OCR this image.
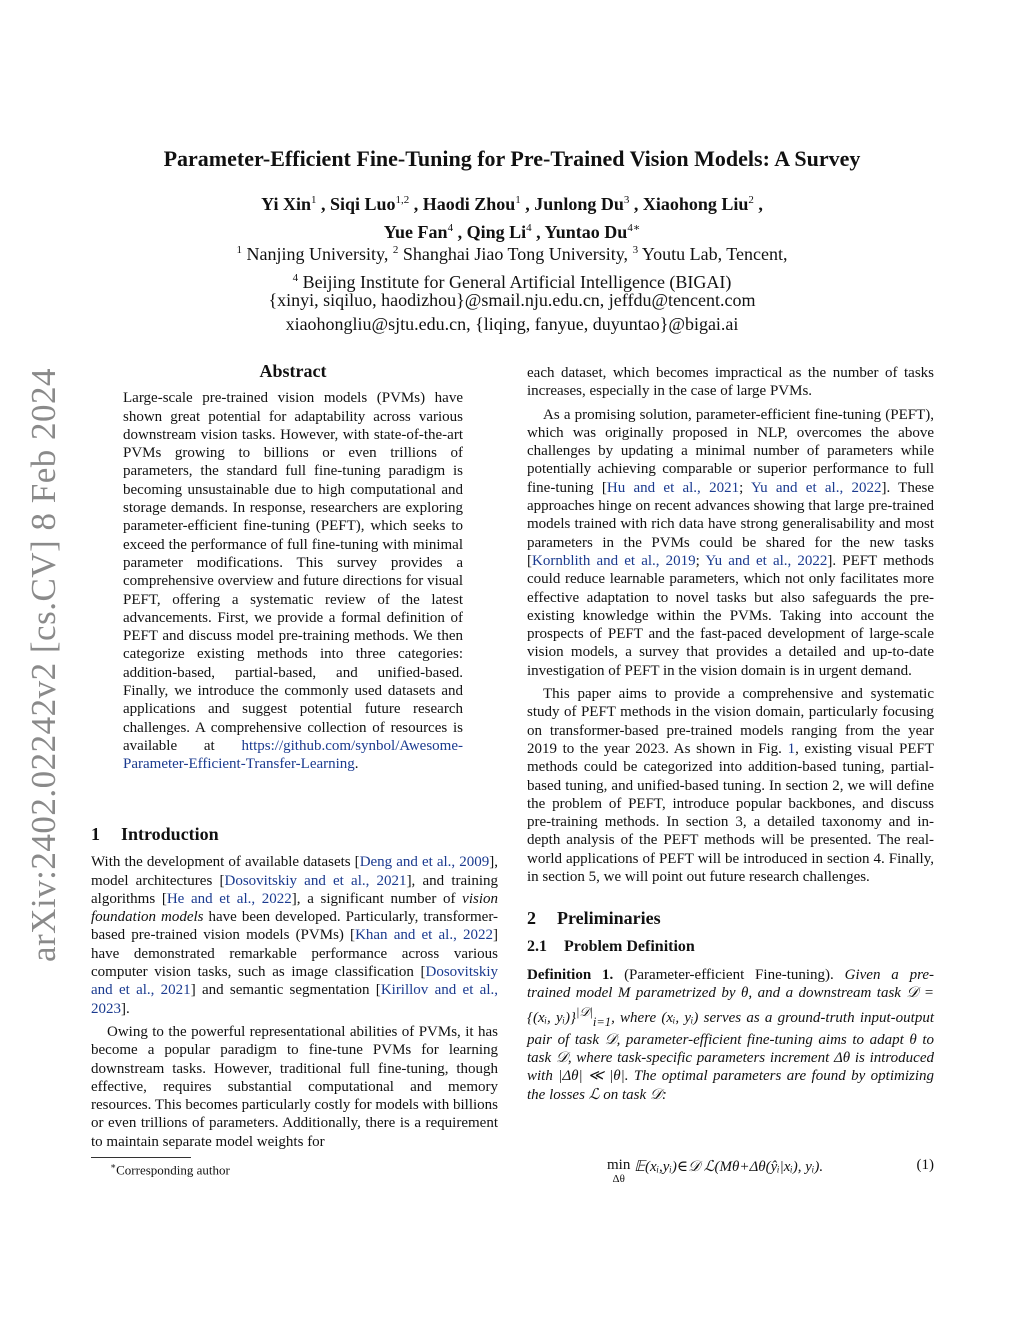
arXiv:2402.02242v2 [cs.CV] 8 Feb 2024
Parameter-Efficient Fine-Tuning for Pre-Trained Vision Models: A Survey
Yi Xin$^1$ , Siqi Luo$^{1,2}$ , Haodi Zhou$^1$ , Junlong Du$^3$ , Xiaohong Liu$^2$ ,
Yue Fan$^4$ , Qing Li$^4$ , Yuntao $Du^{4∗}$
$^1$ Nanjing University, $^2$ Shanghai Jiao Tong University, $^3$ Youtu Lab, Tencent,
$^4$ Beijing Institute for General Artificial Intelligence (BIGAI)
{xinyi, siqiluo, haodizhou}@smail.nju.edu.cn, jeffdu@tencent.com
xiaohongliu@sjtu.edu.cn, {liqing, fanyue, duyuntao}@bigai.ai
Abstract

Large-scale pre-trained vision models (PVMs) have shown great potential for adaptability across various downstream vision tasks. However, with state-of-the-art PVMs growing to billions or even trillions of parameters, the standard full fine-tuning paradigm is becoming unsustainable due to high computational and storage demands. In response, researchers are exploring parameter-efficient fine-tuning (PEFT), which seeks to exceed the performance of full fine-tuning with minimal parameter modifications. This survey provides a comprehensive overview and future directions for visual PEFT, offering a systematic review of the latest advancements. First, we provide a formal definition of PEFT and discuss model pre-training methods. We then categorize existing methods into three categories: addition-based, partial-based, and unified-based. Finally, we introduce the commonly used datasets and applications and suggest potential future research challenges. A comprehensive collection of resources is available at https://github.com/synbol/Awesome-Parameter-Efficient-Transfer-Learning.

1 Introduction

With the development of available datasets [Deng and et al., 2009], model architectures [Dosovitskiy and et al., 2021], and training algorithms [He and et al., 2022], a significant number of vision foundation models have been developed. Particularly, transformer-based pre-trained vision models (PVMs) [Khan and et al., 2022] have demonstrated remarkable performance across various computer vision tasks, such as image classification [Dosovitskiy and et al., 2021] and semantic segmentation [Kirillov and et al., 2023].

Owing to the powerful representational abilities of PVMs, it has become a popular paradigm to fine-tune PVMs for learning downstream tasks. However, traditional full fine-tuning, though effective, requires substantial computational and memory resources. This becomes particularly costly for models with billions or even trillions of parameters. Additionally, there is a requirement to maintain separate model weights for

each dataset, which becomes impractical as the number of tasks increases, especially in the case of large PVMs.

As a promising solution, parameter-efficient fine-tuning (PEFT), which was originally proposed in NLP, overcomes the above challenges by updating a minimal number of parameters while potentially achieving comparable or superior performance to full fine-tuning [Hu and et al., 2021; Yu and et al., 2022]. These approaches hinge on recent advances showing that large pre-trained models trained with rich data have strong generalisability and most parameters in the PVMs could be shared for the new tasks [Kornblith and et al., 2019; Yu and et al., 2022]. PEFT methods could reduce learnable parameters, which not only facilitates more effective adaptation to novel tasks but also safeguards the pre-existing knowledge within the PVMs. Taking into account the prospects of PEFT and the fast-paced development of large-scale vision models, a survey that provides a detailed and up-to-date investigation of PEFT in the vision domain is in urgent demand.

This paper aims to provide a comprehensive and systematic study of PEFT methods in the vision domain, particularly focusing on transformer-based pre-trained models ranging from the year 2019 to the year 2023. As shown in Fig. 1, existing visual PEFT methods could be categorized into addition-based tuning, partial-based tuning, and unified-based tuning. In section 2, we will define the problem of PEFT, introduce popular backbones, and discuss pre-training methods. In section 3, a detailed taxonomy and in-depth analysis of the PEFT methods will be presented. The real-world applications of PEFT will be introduced in section 4. Finally, in section 5, we will point out future research challenges.

2 Preliminaries
2.1 Problem Definition

Definition 1. (Parameter-efficient Fine-tuning). Given a pre-trained model M parametrized by θ, and a downstream task 𝒟 = {(xᵢ, yᵢ)}$^{|𝒟|}_{i=1}$, where (xᵢ, yᵢ) serves as a ground-truth input-output pair of task 𝒟, parameter-efficient fine-tuning aims to adapt θ to task 𝒟, where task-specific parameters increment Δθ is introduced with |Δθ| ≪ |θ|. The optimal parameters are found by optimizing the losses ℒ on task 𝒟:

min
Δθ
𝔼(xᵢ,yᵢ)∈𝒟 ℒ(Mθ+Δθ(ŷᵢ|xᵢ), yᵢ).	(1)
∗Corresponding author
